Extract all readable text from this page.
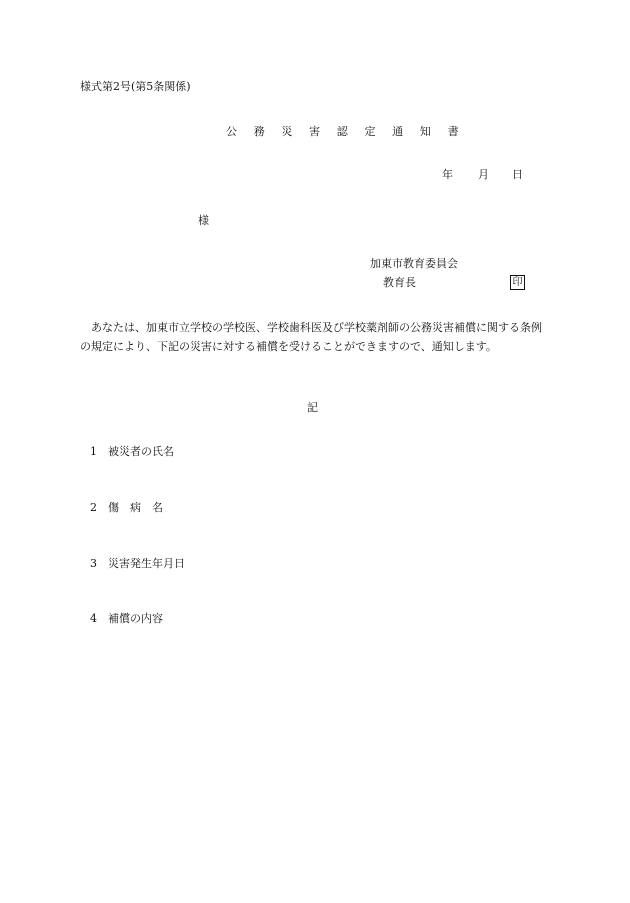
様式第2号(第5条関係)
公 務 災 害 認 定 通 知 書
年 月 日
様
加東市教育委員会
教育長	印
あなたは、加東市立学校の学校医、学校歯科医及び学校薬剤師の公務災害補償に関する条例の規定により、下記の災害に対する補償を受けることができますので、通知します。
記
1 被災者の氏名
2 傷　病　名
3 災害発生年月日
4 補償の内容
